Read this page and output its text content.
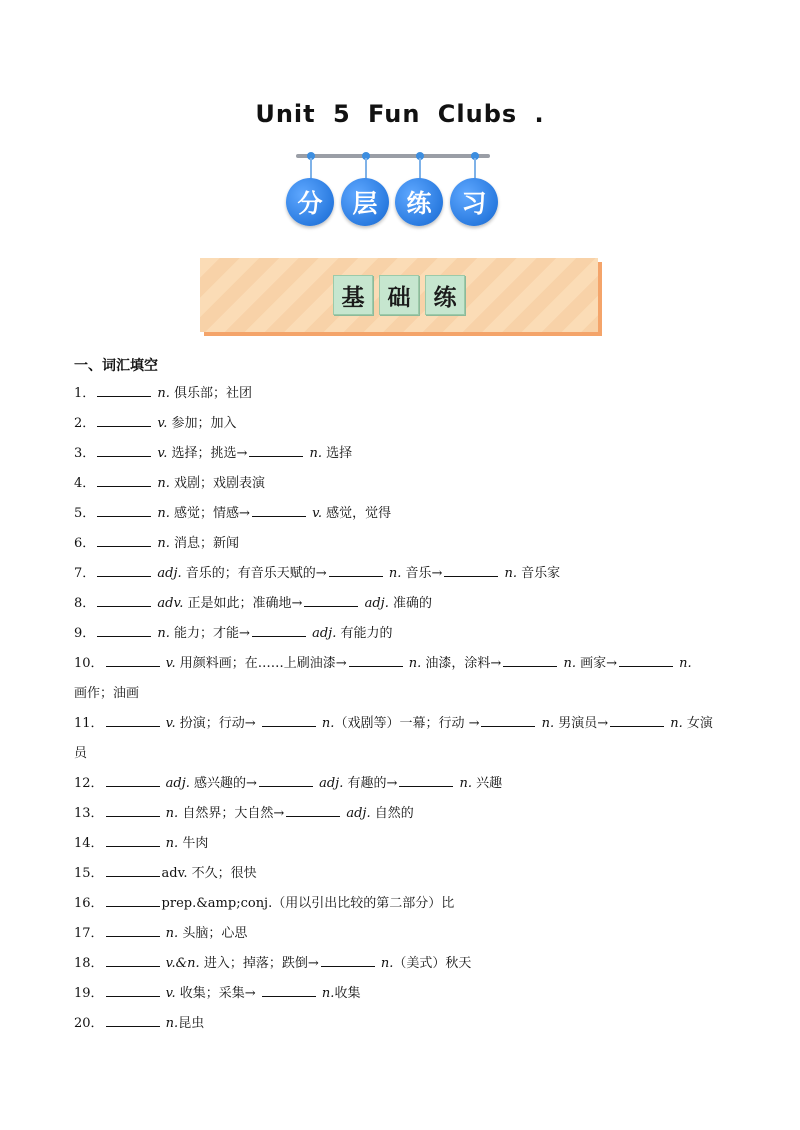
Unit 5 Fun Clubs .
分	层	练	习
基	础	练
一、词汇填空
1．	n. 俱乐部；社团
2．	v. 参加；加入
3．	v. 选择；挑选→	n. 选择
4．	n. 戏剧；戏剧表演
5．	n. 感觉；情感→	v. 感觉，觉得
6．	n. 消息；新闻
7．	adj. 音乐的；有音乐天赋的→	n. 音乐→	n. 音乐家
8．	adv. 正是如此；准确地→	adj. 准确的
9．	n. 能力；才能→	adj. 有能力的
10．	v. 用颜料画；在……上刷油漆→	n. 油漆，涂料→	n. 画家→	n.
画作；油画
11．	v. 扮演；行动→	n.（戏剧等）一幕；行动 →	n. 男演员→	n. 女演
员
12．	adj. 感兴趣的→	adj. 有趣的→	n. 兴趣
13．	n. 自然界；大自然→	adj. 自然的
14．	n. 牛肉
15．	adv. 不久；很快
16．	prep.&amp;conj.（用以引出比较的第二部分）比
17．	n. 头脑；心思
18．	v.&n. 进入；掉落；跌倒→	n.（美式）秋天
19．	v. 收集；采集→	n.收集
20．	n.昆虫
